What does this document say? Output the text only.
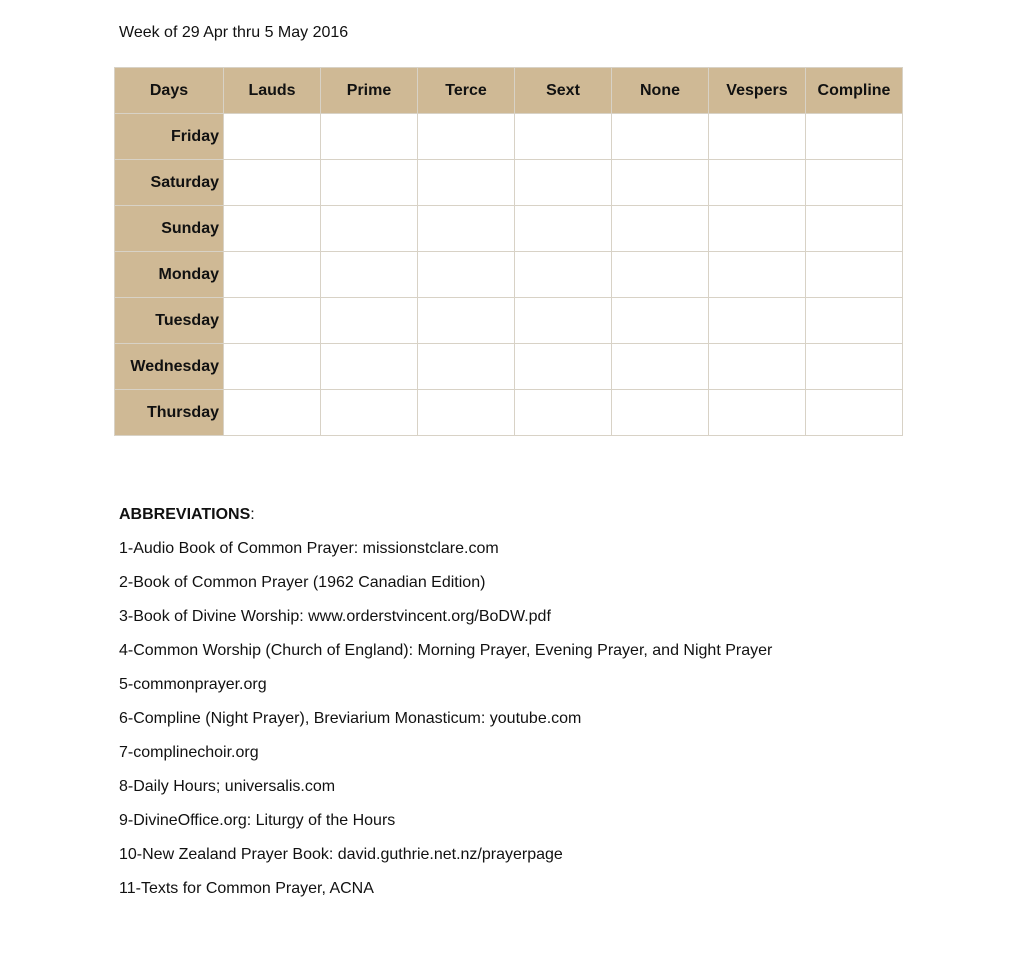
Week of 29 Apr thru 5 May 2016

Days	Lauds	Prime	Terce	Sext	None	Vespers	Compline
Friday							
Saturday							
Sunday							
Monday							
Tuesday							
Wednesday							
Thursday							
ABBREVIATIONS:
1-Audio Book of Common Prayer: missionstclare.com
2-Book of Common Prayer (1962 Canadian Edition)
3-Book of Divine Worship: www.orderstvincent.org/BoDW.pdf
4-Common Worship (Church of England): Morning Prayer, Evening Prayer, and Night Prayer
5-commonprayer.org
6-Compline (Night Prayer), Breviarium Monasticum: youtube.com
7-complinechoir.org
8-Daily Hours; universalis.com
9-DivineOffice.org: Liturgy of the Hours
10-New Zealand Prayer Book: david.guthrie.net.nz/prayerpage
11-Texts for Common Prayer, ACNA
